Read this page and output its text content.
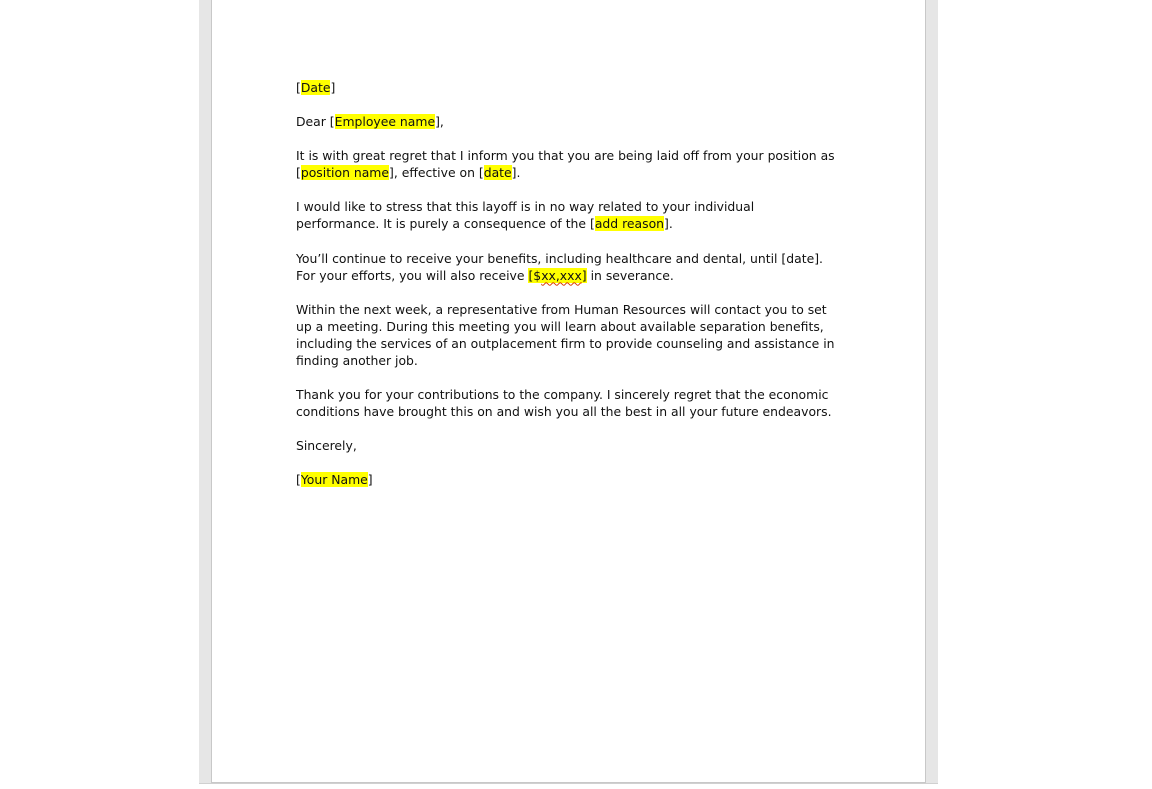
[Date]

Dear [Employee name],

It is with great regret that I inform you that you are being laid off from your position as [position name], effective on [date].

I would like to stress that this layoff is in no way related to your individual performance. It is purely a consequence of the [add reason].

You’ll continue to receive your benefits, including healthcare and dental, until [date]. For your efforts, you will also receive [$xx,xxx] in severance.

Within the next week, a representative from Human Resources will contact you to set up a meeting. During this meeting you will learn about available separation benefits, including the services of an outplacement firm to provide counseling and assistance in finding another job.

Thank you for your contributions to the company. I sincerely regret that the economic conditions have brought this on and wish you all the best in all your future endeavors.

Sincerely,

[Your Name]
